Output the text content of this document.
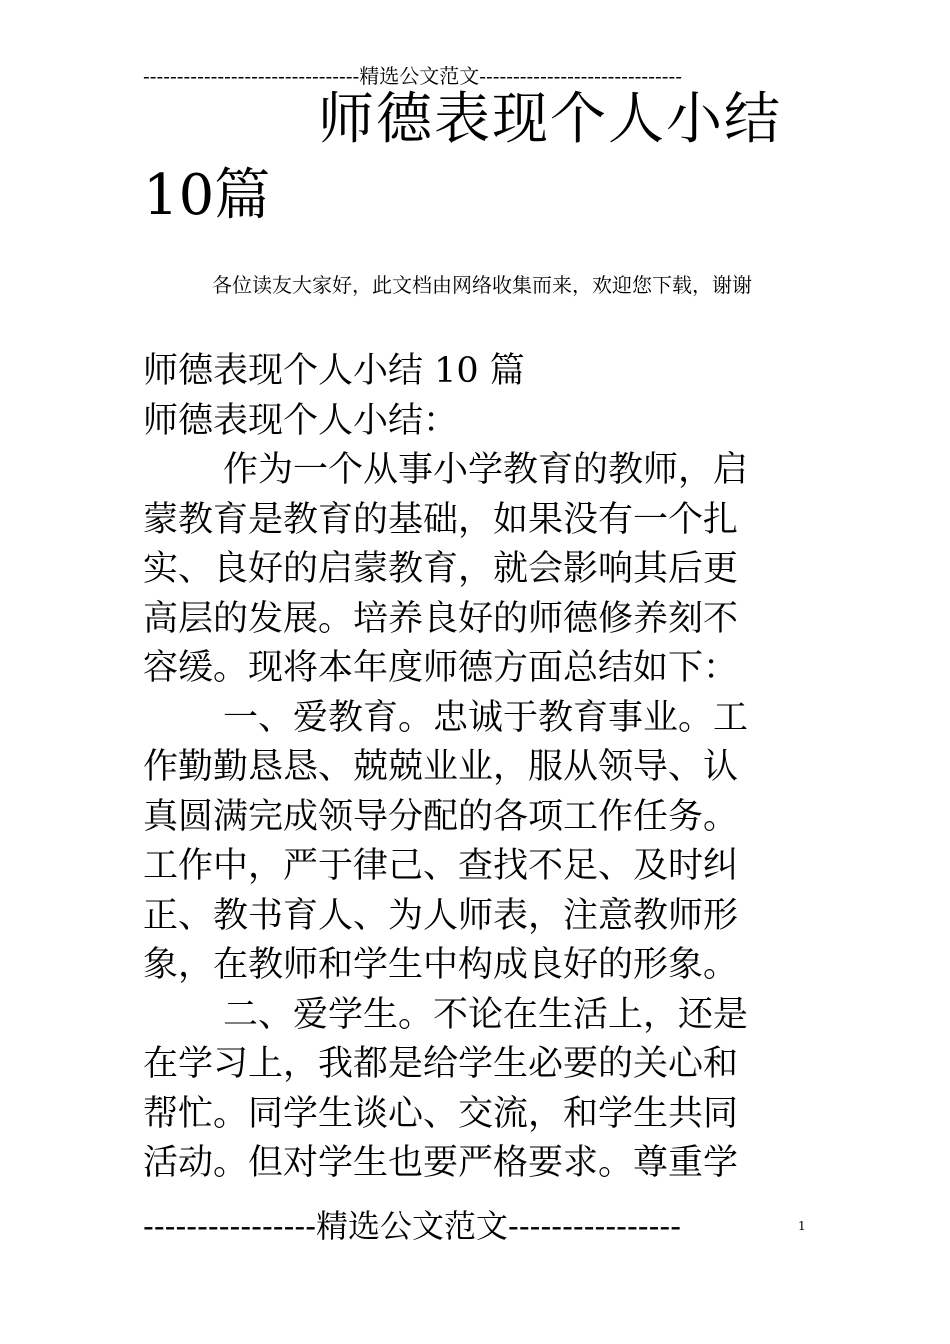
--------------------------------精选公文范文------------------------------
师德表现个人小结
10篇
各位读友大家好，此文档由网络收集而来，欢迎您下载，谢谢
师德表现个人小结 10 篇
师德表现个人小结：
作为一个从事小学教育的教师，启
蒙教育是教育的基础，如果没有一个扎
实、良好的启蒙教育，就会影响其后更
高层的发展。培养良好的师德修养刻不
容缓。现将本年度师德方面总结如下：
一、爱教育。忠诚于教育事业。工
作勤勤恳恳、兢兢业业，服从领导、认
真圆满完成领导分配的各项工作任务。
工作中，严于律己、查找不足、及时纠
正、教书育人、为人师表，注意教师形
象，在教师和学生中构成良好的形象。
二、爱学生。不论在生活上，还是
在学习上，我都是给学生必要的关心和
帮忙。同学生谈心、交流，和学生共同
活动。但对学生也要严格要求。尊重学
----------------精选公文范文----------------	1
